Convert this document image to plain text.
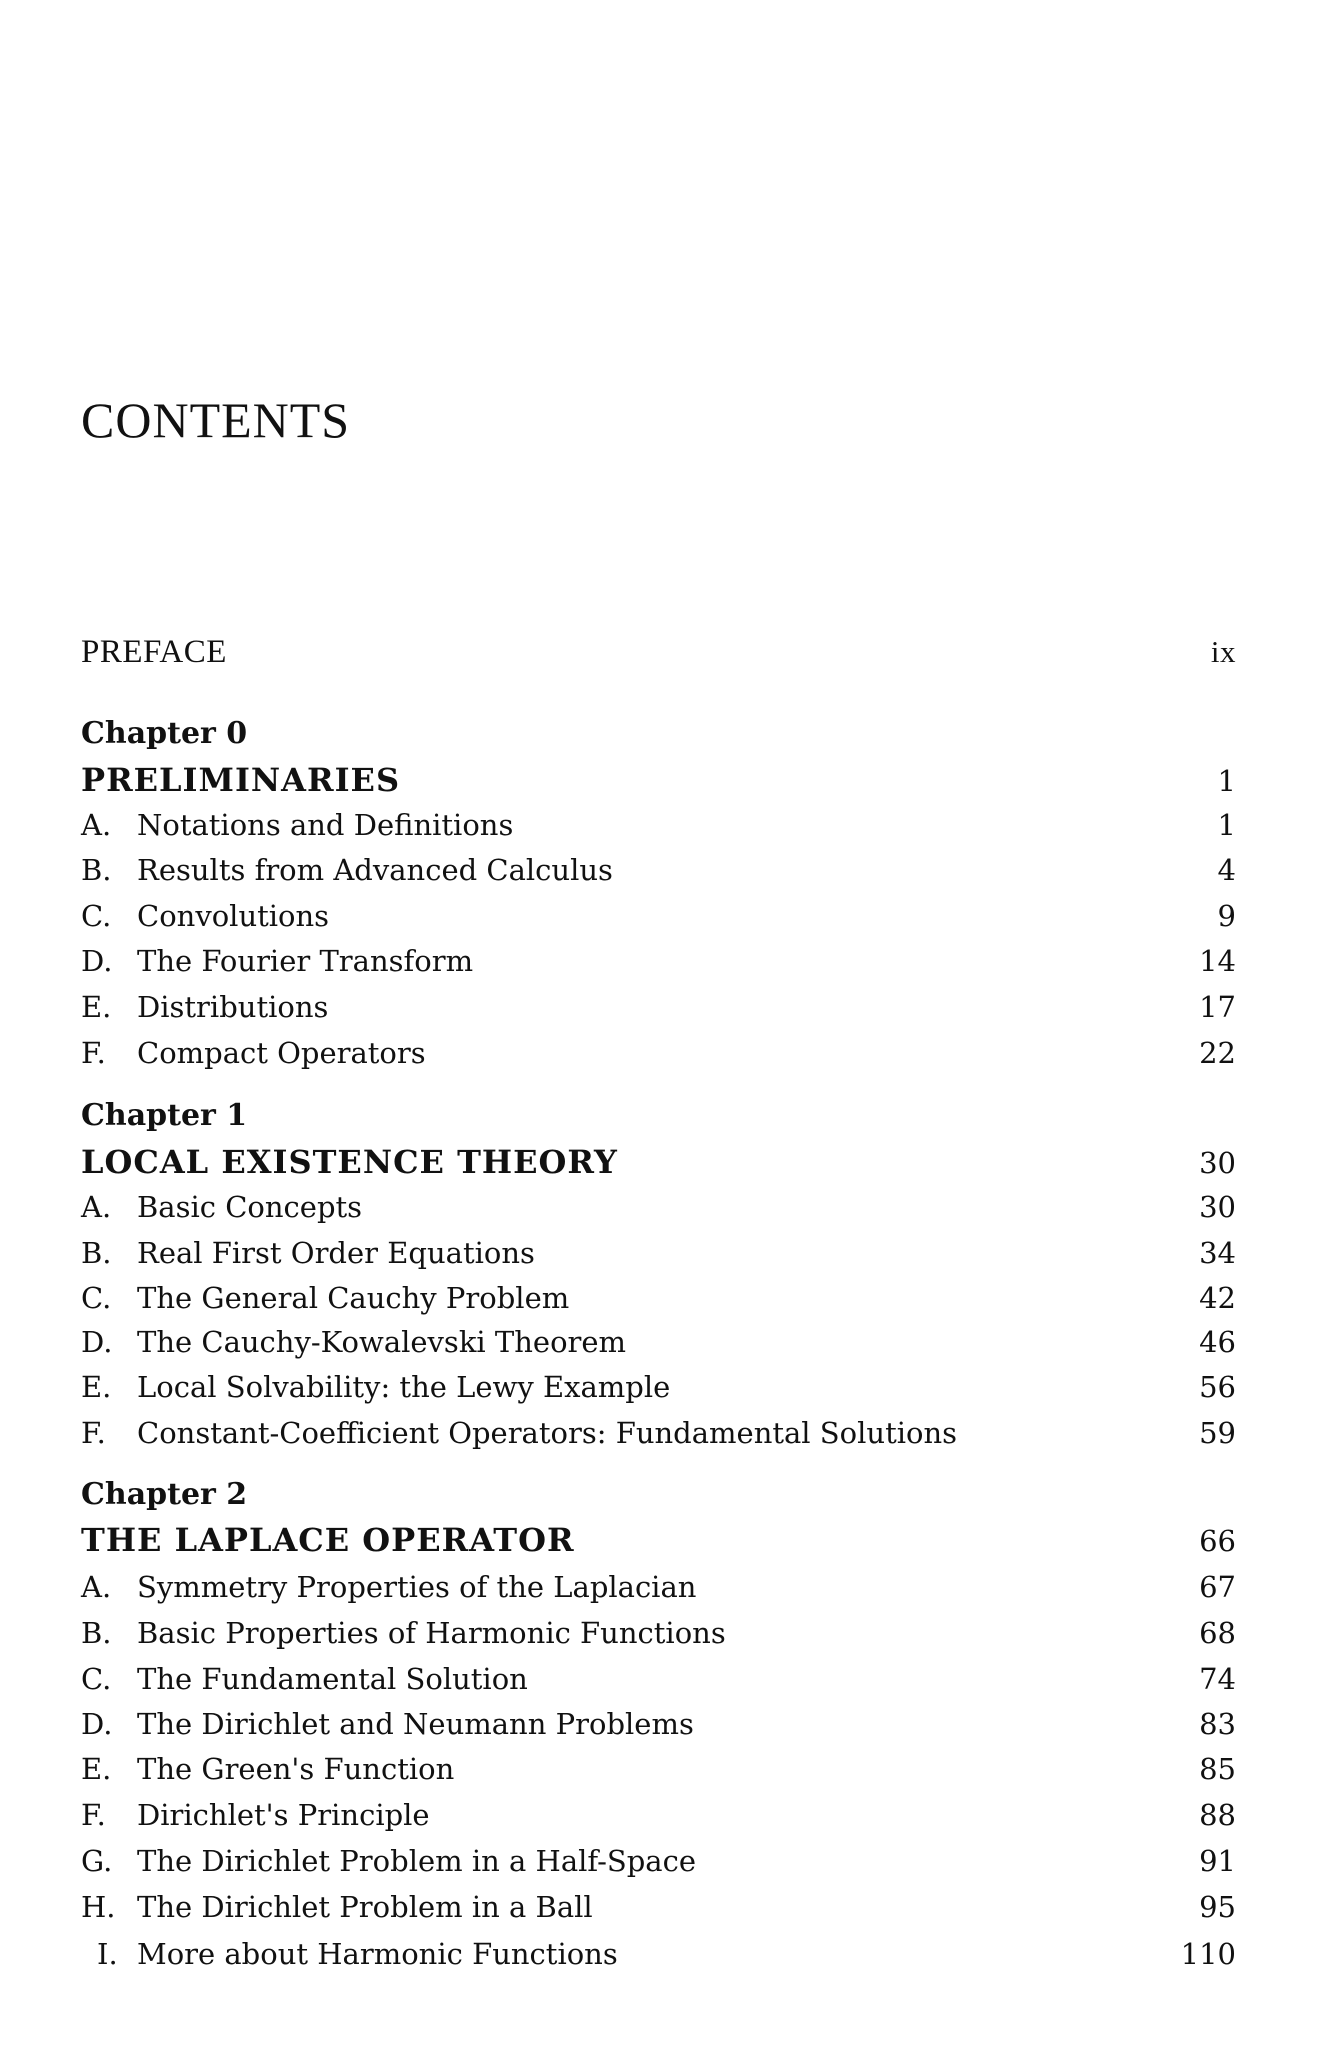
CONTENTS
PREFACE	ix
Chapter 0
PRELIMINARIES	1
A. Notations and Definitions	1
B. Results from Advanced Calculus	4
C. Convolutions	9
D. The Fourier Transform	14
E. Distributions	17
F. Compact Operators	22
Chapter 1
LOCAL EXISTENCE THEORY	30
A. Basic Concepts	30
B. Real First Order Equations	34
C. The General Cauchy Problem	42
D. The Cauchy-Kowalevski Theorem	46
E. Local Solvability: the Lewy Example	56
F. Constant-Coefficient Operators: Fundamental Solutions	59
Chapter 2
THE LAPLACE OPERATOR	66
A. Symmetry Properties of the Laplacian	67
B. Basic Properties of Harmonic Functions	68
C. The Fundamental Solution	74
D. The Dirichlet and Neumann Problems	83
E. The Green's Function	85
F. Dirichlet's Principle	88
G. The Dirichlet Problem in a Half-Space	91
H. The Dirichlet Problem in a Ball	95
I. More about Harmonic Functions	110
